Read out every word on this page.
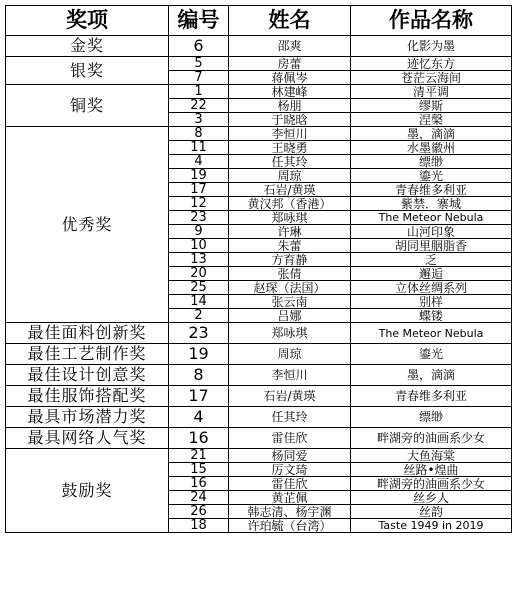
奖项	编号	姓名	作品名称
金奖	6	邵爽	化影为墨
银奖	5	房蕾	迹忆东方
	7	蒋佩岑	苍茫云海间
铜奖	1	林建峰	清平调
	22	杨朋	缪斯
	3	于晓晗	涅槃
优秀奖	8	李恒川	墨，滴滴
	11	王晓勇	水墨徽州
	4	任其玲	缥缈
	19	周琼	鎏光
	17	石岩/黄瑛	青春维多利亚
	12	黄汉邦（香港）	紫禁．寨城
	23	郑咏琪	The Meteor Nebula
	9	许琳	山河印象
	10	朱蕾	胡同里胭脂香
	13	方育静	乏
	20	张倩	邂逅
	25	赵琛（法国）	立体丝绸系列
	14	张云南	别样
	2	吕娜	蝶镂
最佳面料创新奖	23	郑咏琪	The Meteor Nebula
最佳工艺制作奖	19	周琼	鎏光
最佳设计创意奖	8	李恒川	墨，滴滴
最佳服饰搭配奖	17	石岩/黄瑛	青春维多利亚
最具市场潜力奖	4	任其玲	缥缈
最具网络人气奖	16	雷佳欣	畔湖旁的油画系少女
鼓励奖	21	杨同爱	大鱼海棠
	15	厉文琦	丝路•煌曲
	16	雷佳欣	畔湖旁的油画系少女
	24	黄芷佩	丝乡人
	26	韩志清、杨宇渊	丝韵
	18	许珀毓（台湾）	Taste 1949 in 2019
